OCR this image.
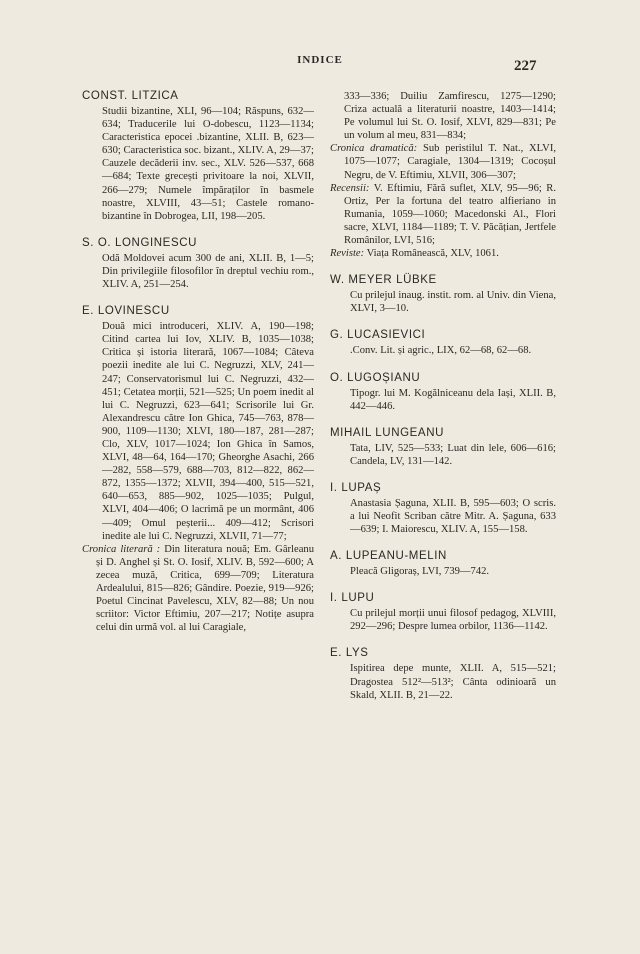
INDICE	227
CONST. LITZICA

Studii bizantine, XLI, 96—104; Răspuns, 632—634; Traducerile lui O-dobescu, 1123—1134; Caracteristica epocei .bizantine, XLII. B, 623—630; Caracteristica soc. bizant., XLIV. A, 29—37; Cauzele decăderii inv. sec., XLV. 526—537, 668—684; Texte grecești privitoare la noi, XLVII, 266—279; Numele împăraților în basmele noastre, XLVIII, 43—51; Castele romano-bizantine în Dobrogea, LII, 198—205.

S. O. LONGINESCU

Odă Moldovei acum 300 de ani, XLII. B, 1—5; Din privilegiile filosofilor în dreptul vechiu rom., XLIV. A, 251—254.

E. LOVINESCU

Două mici introduceri, XLIV. A, 190—198; Citind cartea lui Iov, XLIV. B, 1035—1038; Critica și istoria literară, 1067—1084; Câteva poezii inedite ale lui C. Negruzzi, XLV, 241—247; Conservatorismul lui C. Negruzzi, 432—451; Cetatea morții, 521—525; Un poem inedit al lui C. Negruzzi, 623—641; Scrisorile lui Gr. Alexandrescu către Ion Ghica, 745—763, 878—900, 1109—1130; XLVI, 180—187, 281—287; Clo, XLV, 1017—1024; Ion Ghica în Samos, XLVI, 48—64, 164—170; Gheorghe Asachi, 266—282, 558—579, 688—703, 812—822, 862—872, 1355—1372; XLVII, 394—400, 515—521, 640—653, 885—902, 1025—1035; Pulgul, XLVI, 404—406; O lacrimă pe un mormânt, 406—409; Omul peșterii... 409—412; Scrisori inedite ale lui C. Negruzzi, XLVII, 71—77;

Cronica literară : Din literatura nouă; Em. Gârleanu și D. Anghel și St. O. Iosif, XLIV. B, 592—600; A zecea muză, Critica, 699—709; Literatura Ardealului, 815—826; Gândire. Poezie, 919—926; Poetul Cincinat Pavelescu, XLV, 82—88; Un nou scriitor: Victor Eftimiu, 207—217; Notițe asupra celui din urmă vol. al lui Caragiale,

333—336; Duiliu Zamfirescu, 1275—1290; Criza actuală a literaturii noastre, 1403—1414; Pe volumul lui St. O. Iosif, XLVI, 829—831; Pe un volum al meu, 831—834;

Cronica dramatică: Sub peristilul T. Nat., XLVI, 1075—1077; Caragiale, 1304—1319; Cocoșul Negru, de V. Eftimiu, XLVII, 306—307;

Recensii: V. Eftimiu, Fără suflet, XLV, 95—96; R. Ortiz, Per la fortuna del teatro alfieriano in Rumania, 1059—1060; Macedonski Al., Flori sacre, XLVI, 1184—1189; T. V. Păcățian, Jertfele Românilor, LVI, 516;

Reviste: Viața Românească, XLV, 1061.

W. MEYER LÜBKE

Cu prilejul inaug. instit. rom. al Univ. din Viena, XLVI, 3—10.

G. LUCASIEVICI

.Conv. Lit. și agric., LIX, 62—68, 62—68.

O. LUGOȘIANU

Tipogr. lui M. Kogălniceanu dela Iași, XLII. B, 442—446.

MIHAIL LUNGEANU

Tata, LIV, 525—533; Luat din lele, 606—616; Candela, LV, 131—142.

I. LUPAȘ

Anastasia Șaguna, XLII. B, 595—603; O scris. a lui Neofit Scriban către Mitr. A. Șaguna, 633—639; I. Maiorescu, XLIV. A, 155—158.

A. LUPEANU-MELIN

Pleacă Gligoraș, LVI, 739—742.

I. LUPU

Cu prilejul morții unui filosof pedagog, XLVIII, 292—296; Despre lumea orbilor, 1136—1142.

E. LYS

Ispitirea depe munte, XLII. A, 515—521; Dragostea 512²—513²; Cânta odinioară un Skald, XLII. B, 21—22.
